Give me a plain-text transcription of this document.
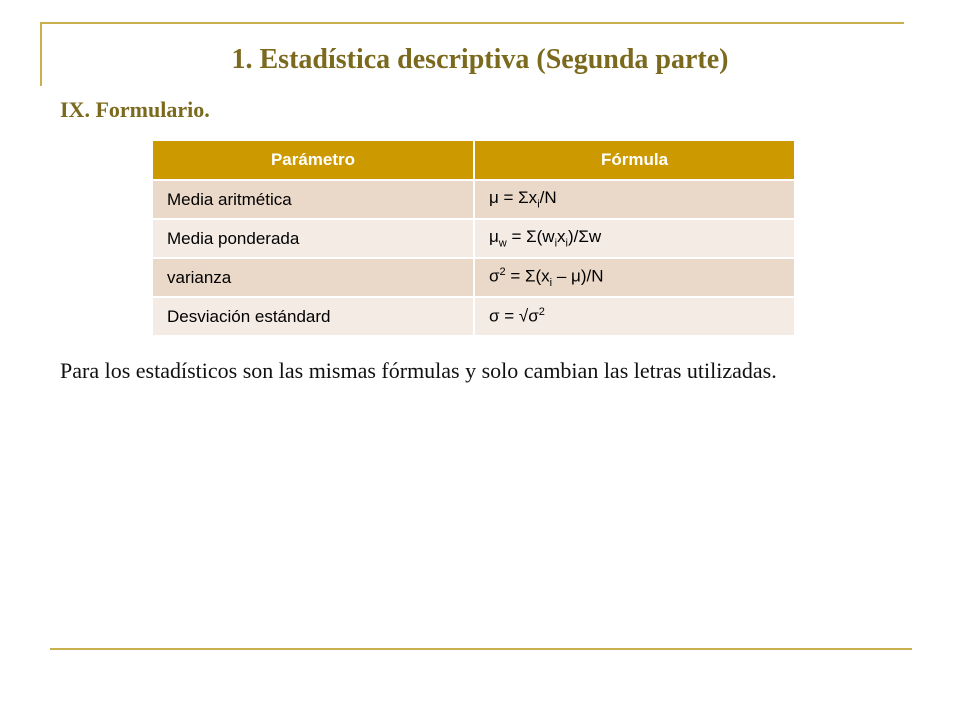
1. Estadística descriptiva (Segunda parte)
IX. Formulario.
Parámetro	Fórmula
Media aritmética	$\mu = \Sigma x_i/N$
Media ponderada	$\mu_w = \Sigma(w_ix_i)/\Sigma w$
varianza	$\sigma^2 = \Sigma(x_i - \mu)/N$
Desviación estándard	$\sigma = √\sigma^2$
Para los estadísticos son las mismas fórmulas y solo cambian las letras utilizadas.
